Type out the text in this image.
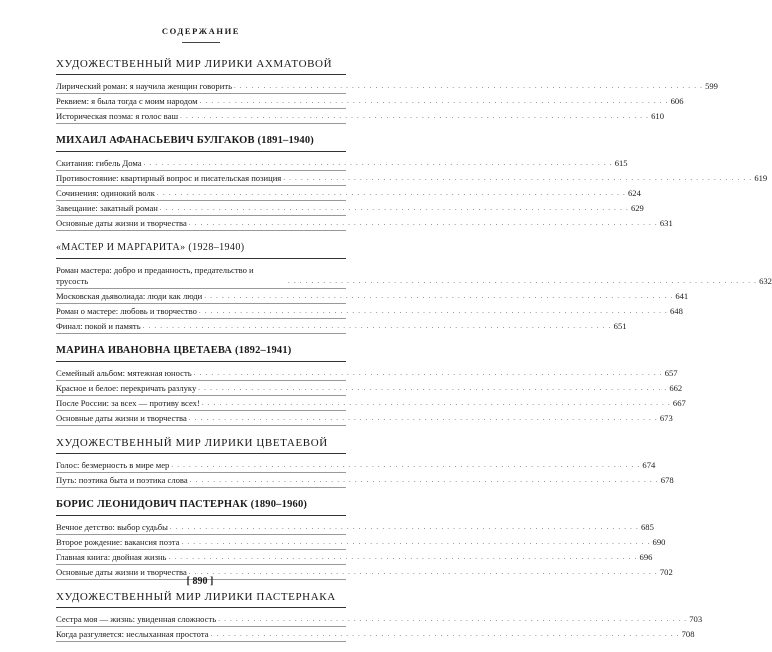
СОДЕРЖАНИЕ
ХУДОЖЕСТВЕННЫЙ МИР ЛИРИКИ АХМАТОВОЙ
Лирический роман: я научила женщин говорить . . . . . . . . . . . . . . . . . . . . . . . . . . . . . . . . . . . . . . . . . . . . . . . . . . . . . . . . . . . . . . . . . . . . . . . . . . . . . . . . 599
Реквием: я была тогда с моим народом . . . . . . . . . . . . . . . . . . . . . . . . . . . . . . . . . . . . . . . . . . . . . . . . . . . . . . . . . . . . . . . . . . . . . . . . . . . . . . . . 606
Историческая поэма: я голос ваш . . . . . . . . . . . . . . . . . . . . . . . . . . . . . . . . . . . . . . . . . . . . . . . . . . . . . . . . . . . . . . . . . . . . . . . . . . . . . . . . 610
МИХАИЛ АФАНАСЬЕВИЧ БУЛГАКОВ (1891–1940)
Скитания: гибель Дома . . . . . . . . . . . . . . . . . . . . . . . . . . . . . . . . . . . . . . . . . . . . . . . . . . . . . . . . . . . . . . . . . . . . . . . . . . . . . . . . 615
Противостояние: квартирный вопрос и писательская позиция . . . . . . . . . . . . . . . . . . . . . . . . . . . . . . . . . . . . . . . . . . . . . . . . . . . . . . . . . . . . . . . . . . . . . . . . . . . . . . . . 619
Сочинения: одинокий волк . . . . . . . . . . . . . . . . . . . . . . . . . . . . . . . . . . . . . . . . . . . . . . . . . . . . . . . . . . . . . . . . . . . . . . . . . . . . . . . . 624
Завещание: закатный роман . . . . . . . . . . . . . . . . . . . . . . . . . . . . . . . . . . . . . . . . . . . . . . . . . . . . . . . . . . . . . . . . . . . . . . . . . . . . . . . . 629
Основные даты жизни и творчества . . . . . . . . . . . . . . . . . . . . . . . . . . . . . . . . . . . . . . . . . . . . . . . . . . . . . . . . . . . . . . . . . . . . . . . . . . . . . . . . 631
«МАСТЕР И МАРГАРИТА» (1928–1940)
Роман мастера: добро и преданность, предательство и трусость	. . . . . . . . . . . . . . . . . . . . . . . . . . . . . . . . . . . . . . . . . . . . . . . . . . . . . . . . . . . . . . . . . . . . . . . . . . . . . . . . 632
Московская дьяволиада: люди как люди . . . . . . . . . . . . . . . . . . . . . . . . . . . . . . . . . . . . . . . . . . . . . . . . . . . . . . . . . . . . . . . . . . . . . . . . . . . . . . . . 641
Роман о мастере: любовь и творчество . . . . . . . . . . . . . . . . . . . . . . . . . . . . . . . . . . . . . . . . . . . . . . . . . . . . . . . . . . . . . . . . . . . . . . . . . . . . . . . . 648
Финал: покой и память . . . . . . . . . . . . . . . . . . . . . . . . . . . . . . . . . . . . . . . . . . . . . . . . . . . . . . . . . . . . . . . . . . . . . . . . . . . . . . . . 651
МАРИНА ИВАНОВНА ЦВЕТАЕВА (1892–1941)
Семейный альбом: мятежная юность . . . . . . . . . . . . . . . . . . . . . . . . . . . . . . . . . . . . . . . . . . . . . . . . . . . . . . . . . . . . . . . . . . . . . . . . . . . . . . . . 657
Красное и белое: перекричать разлуку . . . . . . . . . . . . . . . . . . . . . . . . . . . . . . . . . . . . . . . . . . . . . . . . . . . . . . . . . . . . . . . . . . . . . . . . . . . . . . . . 662
После России: за всех — противу всех! . . . . . . . . . . . . . . . . . . . . . . . . . . . . . . . . . . . . . . . . . . . . . . . . . . . . . . . . . . . . . . . . . . . . . . . . . . . . . . . . 667
Основные даты жизни и творчества . . . . . . . . . . . . . . . . . . . . . . . . . . . . . . . . . . . . . . . . . . . . . . . . . . . . . . . . . . . . . . . . . . . . . . . . . . . . . . . . 673
ХУДОЖЕСТВЕННЫЙ МИР ЛИРИКИ ЦВЕТАЕВОЙ
Голос: безмерность в мире мер . . . . . . . . . . . . . . . . . . . . . . . . . . . . . . . . . . . . . . . . . . . . . . . . . . . . . . . . . . . . . . . . . . . . . . . . . . . . . . . . 674
Путь: поэтика быта и поэтика слова . . . . . . . . . . . . . . . . . . . . . . . . . . . . . . . . . . . . . . . . . . . . . . . . . . . . . . . . . . . . . . . . . . . . . . . . . . . . . . . . 678
БОРИС ЛЕОНИДОВИЧ ПАСТЕРНАК (1890–1960)
Вечное детство: выбор судьбы . . . . . . . . . . . . . . . . . . . . . . . . . . . . . . . . . . . . . . . . . . . . . . . . . . . . . . . . . . . . . . . . . . . . . . . . . . . . . . . . 685
Второе рождение: вакансия поэта . . . . . . . . . . . . . . . . . . . . . . . . . . . . . . . . . . . . . . . . . . . . . . . . . . . . . . . . . . . . . . . . . . . . . . . . . . . . . . . . 690
Главная книга: двойная жизнь . . . . . . . . . . . . . . . . . . . . . . . . . . . . . . . . . . . . . . . . . . . . . . . . . . . . . . . . . . . . . . . . . . . . . . . . . . . . . . . . 696
Основные даты жизни и творчества . . . . . . . . . . . . . . . . . . . . . . . . . . . . . . . . . . . . . . . . . . . . . . . . . . . . . . . . . . . . . . . . . . . . . . . . . . . . . . . . 702
ХУДОЖЕСТВЕННЫЙ МИР ЛИРИКИ ПАСТЕРНАКА
Сестра моя — жизнь: увиденная сложность . . . . . . . . . . . . . . . . . . . . . . . . . . . . . . . . . . . . . . . . . . . . . . . . . . . . . . . . . . . . . . . . . . . . . . . . . . . . . . . . 703
Когда разгуляется: неслыханная простота . . . . . . . . . . . . . . . . . . . . . . . . . . . . . . . . . . . . . . . . . . . . . . . . . . . . . . . . . . . . . . . . . . . . . . . . . . . . . . . . 708
[ 890 ]
